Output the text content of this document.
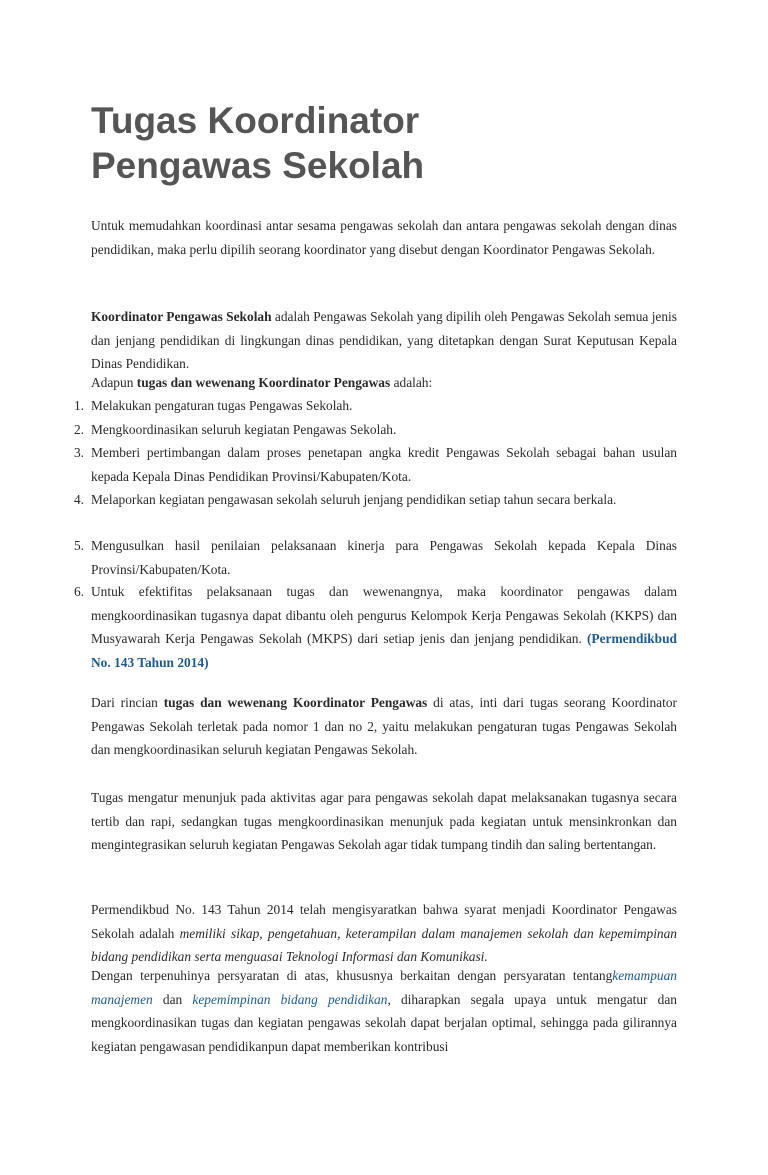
Tugas Koordinator
Pengawas Sekolah

Untuk memudahkan koordinasi antar sesama pengawas sekolah dan antara pengawas sekolah dengan dinas pendidikan, maka perlu dipilih seorang koordinator yang disebut dengan Koordinator Pengawas Sekolah.

Koordinator Pengawas Sekolah adalah Pengawas Sekolah yang dipilih oleh Pengawas Sekolah semua jenis dan jenjang pendidikan di lingkungan dinas pendidikan, yang ditetapkan dengan Surat Keputusan Kepala Dinas Pendidikan.

Adapun tugas dan wewenang Koordinator Pengawas adalah:

1. Melakukan pengaturan tugas Pengawas Sekolah.
2. Mengkoordinasikan seluruh kegiatan Pengawas Sekolah.
3. Memberi pertimbangan dalam proses penetapan angka kredit Pengawas Sekolah sebagai bahan usulan kepada Kepala Dinas Pendidikan Provinsi/Kabupaten/Kota.
4. Melaporkan kegiatan pengawasan sekolah seluruh jenjang pendidikan setiap tahun secara berkala.
5. Mengusulkan hasil penilaian pelaksanaan kinerja para Pengawas Sekolah kepada Kepala Dinas Provinsi/Kabupaten/Kota.
6. Untuk efektifitas pelaksanaan tugas dan wewenangnya, maka koordinator pengawas dalam mengkoordinasikan tugasnya dapat dibantu oleh pengurus Kelompok Kerja Pengawas Sekolah (KKPS) dan Musyawarah Kerja Pengawas Sekolah (MKPS) dari setiap jenis dan jenjang pendidikan. (Permendikbud No. 143 Tahun 2014)

Dari rincian tugas dan wewenang Koordinator Pengawas di atas, inti dari tugas seorang Koordinator Pengawas Sekolah terletak pada nomor 1 dan no 2, yaitu melakukan pengaturan tugas Pengawas Sekolah dan mengkoordinasikan seluruh kegiatan Pengawas Sekolah.

Tugas mengatur menunjuk pada aktivitas agar para pengawas sekolah dapat melaksanakan tugasnya secara tertib dan rapi, sedangkan tugas mengkoordinasikan menunjuk pada kegiatan untuk mensinkronkan dan mengintegrasikan seluruh kegiatan Pengawas Sekolah agar tidak tumpang tindih dan saling bertentangan.

Permendikbud No. 143 Tahun 2014 telah mengisyaratkan bahwa syarat menjadi Koordinator Pengawas Sekolah adalah memiliki sikap, pengetahuan, keterampilan dalam manajemen sekolah dan kepemimpinan bidang pendidikan serta menguasai Teknologi Informasi dan Komunikasi.

Dengan terpenuhinya persyaratan di atas, khususnya berkaitan dengan persyaratan tentangkemampuan manajemen dan kepemimpinan bidang pendidikan, diharapkan segala upaya untuk mengatur dan mengkoordinasikan tugas dan kegiatan pengawas sekolah dapat berjalan optimal, sehingga pada gilirannya kegiatan pengawasan pendidikanpun dapat memberikan kontribusi
